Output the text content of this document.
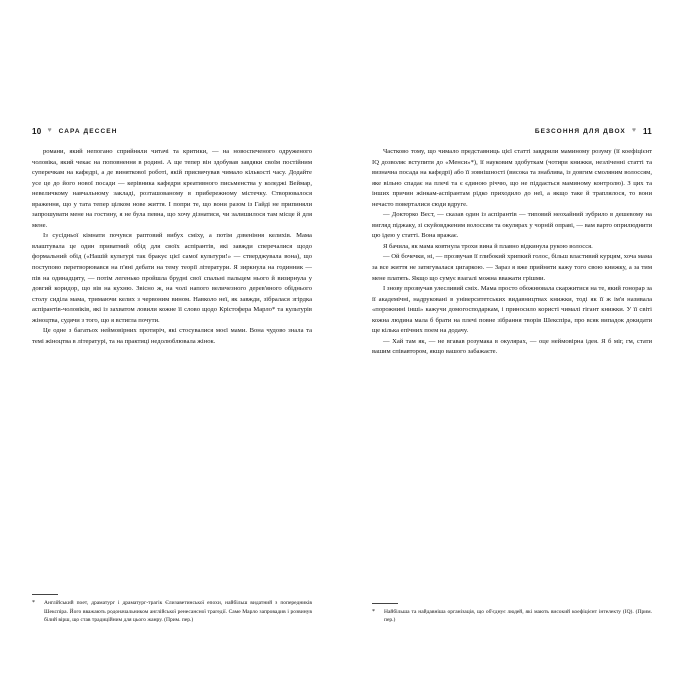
10 ♥ САРА ДЕССЕН

романи, який непогано сприйняли читачі та критики, — на новоспеченого одруженого чоловіка, який чекає на поповнення в родині. А ще тепер він здобував завдяки своїм постійним суперечкам на кафедрі, а де виняткової роботі, якій присвячував чимало кількості часу. Додайте усе це до його нової посади — керівника кафедри креативного письменства у коледжі Веймар, невеличкому навчальному закладі, розташованому в прибережному містечку. Створювалося враження, що у тата тепер цілком нове життя. І попри те, що вони разом із Гайді не припиняли запрошувати мене на гостину, я не була певна, що хочу дізнатися, чи залишилося там місце й для мене.

Із сусідньої кімнати почувся раптовий вибух сміху, а потім дзвеніння келихів. Мама влаштувала це один приватний обід для своїх аспірантів, які завжди сперечалися щодо формальний обід («Нашій культурі так бракує цієї самої культури!» — стверджувала вона), що поступово перетворювався на п'яні дебати на тему теорії літератури. Я зиркнула на годинник — пів на одинадцяту, — потім легенько пройшла брудні свої спальні пальцем нього й визирнула у довгий коридор, що вів на кухню. Звісно ж, на чолі напого величезного дерев'яного обіднього столу сиділа мама, тримаючи келих з червоним вином. Навколо неї, як завжди, зібралася згірдка аспірантів-чоловіків, які із захватом ловили кожне її слово щодо Крістофера Марло* та культурів жіноцтва, судячи з того, що я встигла почути.

Це одне з багатьох неймовірних протиріч, які стосувалися моєї мами. Вона чудово знала та темі жіноцтва в літературі, та на практиці недолюблювала жінок.

*	Англійський поет, драматург і драматург-трагік Єлизаветинської епохи, найбільш видатний з попередників Шекспіра. Його вважають родоначальником англійської ренесансної трагедії. Саме Марло запровадив і розвинув білий вірш, що став традиційним для цього жанру. (Прим. пер.)
БЕЗСОННЯ ДЛЯ ДВОХ ♥ 11

Частково тому, що чимало представниць цієї статті завдрили маминому розуму (її коефіцієнт IQ дозволяє вступити до «Менси»*), її науковим здобуткам (чотири книжки, незліченні статті та визначна посада на кафедрі) або її зовнішності (висока та знаблива, із довгим смоляним волоссям, яке вільно спадає на плечі та є єдиною річчю, що не піддається маминому контролю). З цих та інших причин жінкам-аспірантам рідко приходило до неї, а якщо таке й траплялося, то вони нечасто поверталися сюди вдруге.

— Докторко Вест, — сказав один із аспірантів — типовий неохайний зубрило в дешевому на вигляд піджаку, зі скуйовдженим волоссям та окулярах у чорній оправі, — вам варто оприлюднити цю ідею у статті. Вона вражає.

Я бачила, як мама ковтнула трохи вина й плавно відкинула рукою волосся.

— Ой бочечки, ні, — прозвучав її глибокий хрипкий голос, більш властивий курцям, хоча мама за все життя не затягувалася цигаркою. — Зараз я вже прийняти кажу того свою книжку, а за тим мене платять. Якщо що сумує взагалі можна вважати грішми.

І знову прозвучав улесливий сміх. Мама просто обожнювала скаржитися на те, який гонорар за її академічні, надруковані в університетських видавництвах книжки, тоді як її ж ім'я називала «порожнині інші» кажучи домогосподаркам, і приносило користі чималі гігант книжки. У її світі кожна людина мала б брати на плечі повне зібрання творів Шекспіра, про всяк випадок докидати ще кілька епічних поем на додачу.

— Хай там як, — не вгавав розумака в окулярах, — оце неймовірна ідея. Я б міг, гм, стати вашим співавтором, якщо вашого забажаєте.

*	Найбільша та найдавніша організація, що об'єднує людей, які мають високий коефіцієнт інтелекту (IQ). (Прим. пер.)
